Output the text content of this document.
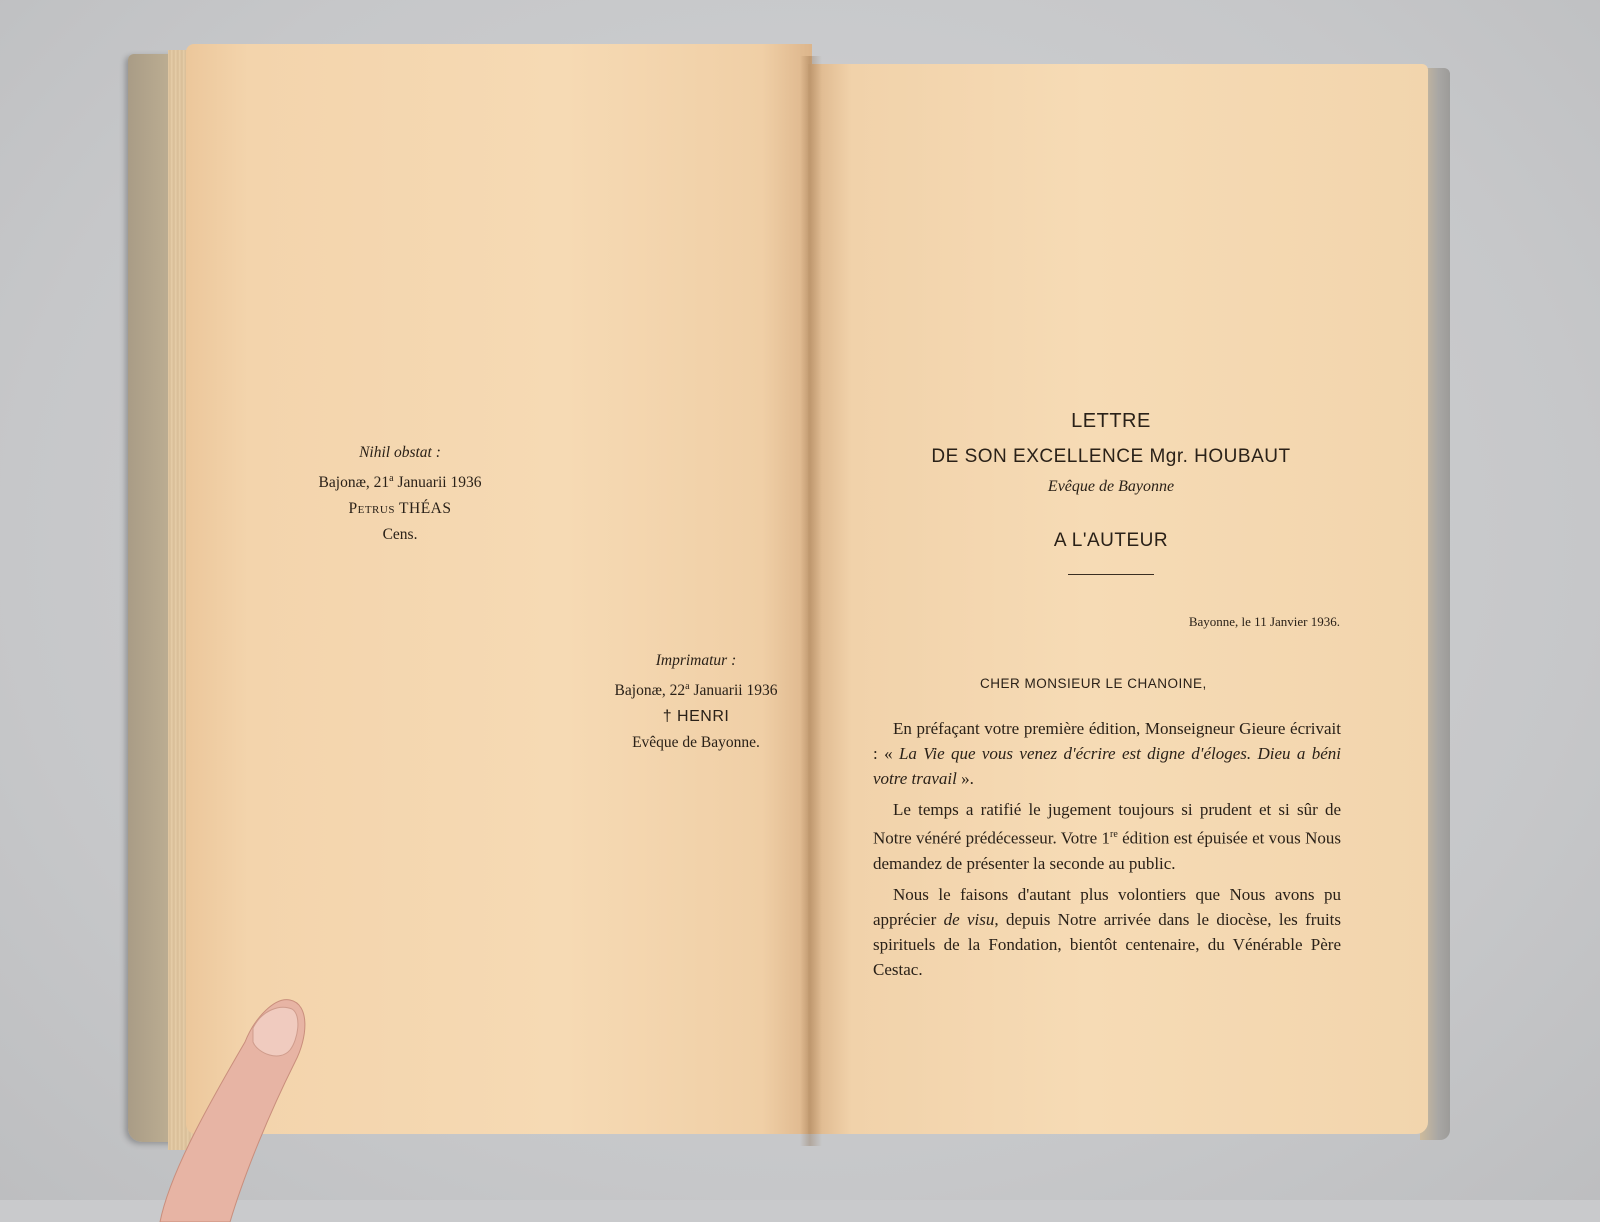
Nihil obstat :
Bajonæ, 21$^a$ Januarii 1936
Petrus THÉAS
Cens.
Imprimatur :
Bajonæ, 22$^a$ Januarii 1936
† HENRI
Evêque de Bayonne.
LETTRE
DE SON EXCELLENCE Mgr. HOUBAUT
Evêque de Bayonne
A L'AUTEUR
Bayonne, le 11 Janvier 1936.
CHER MONSIEUR LE CHANOINE,

En préfaçant votre première édition, Monseigneur Gieure écrivait : « La Vie que vous venez d'écrire est digne d'éloges. Dieu a béni votre travail ».

Le temps a ratifié le jugement toujours si prudent et si sûr de Notre vénéré prédécesseur. Votre 1re édition est épuisée et vous Nous demandez de présenter la seconde au public.

Nous le faisons d'autant plus volontiers que Nous avons pu apprécier de visu, depuis Notre arrivée dans le diocèse, les fruits spirituels de la Fondation, bientôt centenaire, du Vénérable Père Cestac.
